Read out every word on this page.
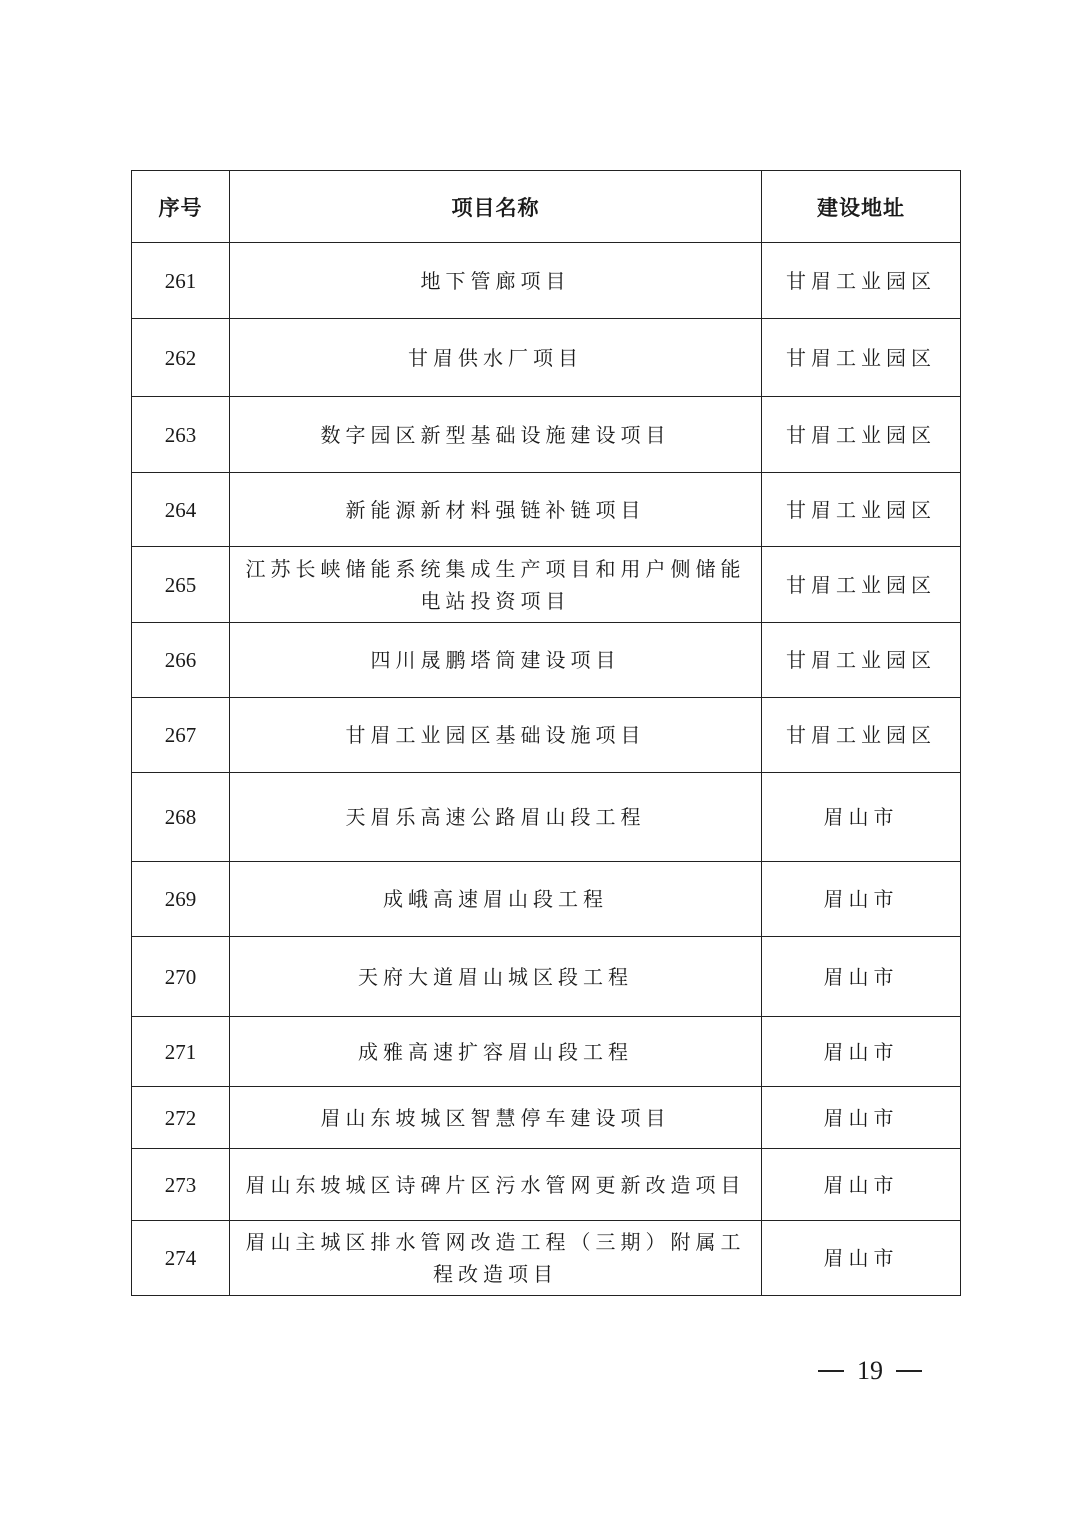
序号	项目名称	建设地址
261	地下管廊项目	甘眉工业园区
262	甘眉供水厂项目	甘眉工业园区
263	数字园区新型基础设施建设项目	甘眉工业园区
264	新能源新材料强链补链项目	甘眉工业园区
265	江苏长峡储能系统集成生产项目和用户侧储能电站投资项目	甘眉工业园区
266	四川晟鹏塔筒建设项目	甘眉工业园区
267	甘眉工业园区基础设施项目	甘眉工业园区
268	天眉乐高速公路眉山段工程	眉山市
269	成峨高速眉山段工程	眉山市
270	天府大道眉山城区段工程	眉山市
271	成雅高速扩容眉山段工程	眉山市
272	眉山东坡城区智慧停车建设项目	眉山市
273	眉山东坡城区诗碑片区污水管网更新改造项目	眉山市
274	眉山主城区排水管网改造工程（三期）附属工程改造项目	眉山市
19
